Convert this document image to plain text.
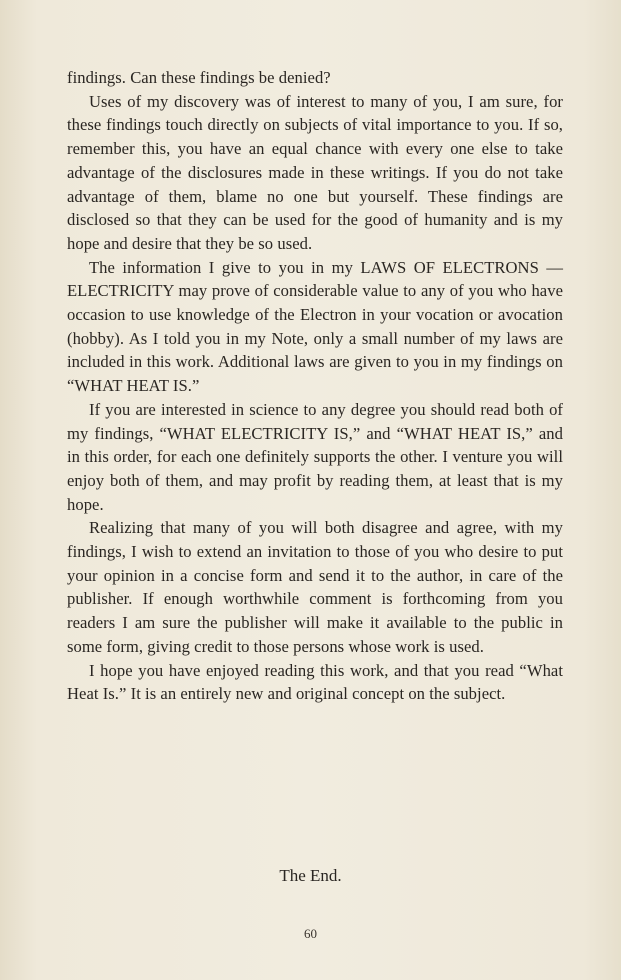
findings. Can these findings be denied?

Uses of my discovery was of interest to many of you, I am sure, for these findings touch directly on subjects of vital importance to you. If so, remember this, you have an equal chance with every one else to take advantage of the disclosures made in these writings. If you do not take advantage of them, blame no one but yourself. These findings are disclosed so that they can be used for the good of humanity and is my hope and desire that they be so used.

The information I give to you in my LAWS OF ELECTRONS — ELECTRICITY may prove of considerable value to any of you who have occasion to use knowledge of the Electron in your vocation or avocation (hobby). As I told you in my Note, only a small number of my laws are included in this work. Additional laws are given to you in my findings on “WHAT HEAT IS.”

If you are interested in science to any degree you should read both of my findings, “WHAT ELECTRICITY IS,” and “WHAT HEAT IS,” and in this order, for each one definitely supports the other. I venture you will enjoy both of them, and may profit by reading them, at least that is my hope.

Realizing that many of you will both disagree and agree, with my findings, I wish to extend an invitation to those of you who desire to put your opinion in a concise form and send it to the author, in care of the publisher. If enough worthwhile comment is forthcoming from you readers I am sure the publisher will make it available to the public in some form, giving credit to those persons whose work is used.

I hope you have enjoyed reading this work, and that you read “What Heat Is.” It is an entirely new and original concept on the subject.

The End.
60
